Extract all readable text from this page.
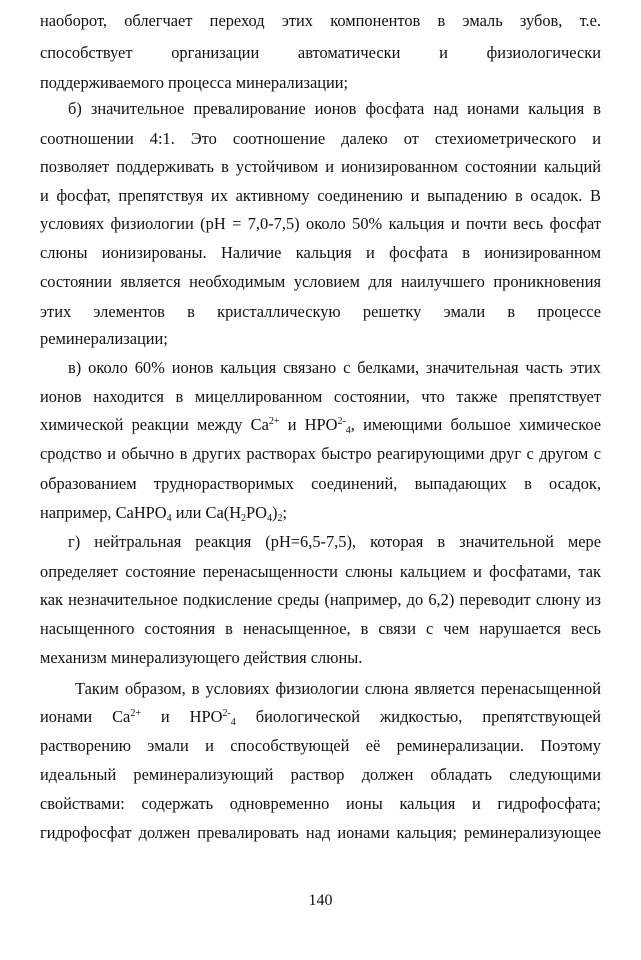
наоборот, облегчает переход этих компонентов в эмаль зубов, т.е.
способствует организации автоматически и физиологически
поддерживаемого процесса минерализации;
б) значительное превалирование ионов фосфата над ионами кальция в
соотношении 4:1. Это соотношение далеко от стехиометрического и
позволяет поддерживать в устойчивом и ионизированном состоянии кальций
и фосфат, препятствуя их активному соединению и выпадению в осадок. В
условиях физиологии (рН = 7,0-7,5) около 50% кальция и почти весь фосфат
слюны ионизированы. Наличие кальция и фосфата в ионизированном
состоянии является необходимым условием для наилучшего проникновения
этих элементов в кристаллическую решетку эмали в процессе
реминерализации;
в) около 60% ионов кальция связано с белками, значительная часть этих
ионов находится в мицеллированном состоянии, что также препятствует
химической реакции между $Ca^{2+}$ и $HPO^{2-}_4$, имеющими большое химическое
сродство и обычно в других растворах быстро реагирующими друг с другом с
образованием труднорастворимых соединений, выпадающих в осадок,
например, CaHPO$_4$ или $Ca(H_2PO_4)_2$;
г) нейтральная реакция (рН=6,5-7,5), которая в значительной мере
определяет состояние перенасыщенности слюны кальцием и фосфатами, так
как незначительное подкисление среды (например, до 6,2) переводит слюну из
насыщенного состояния в ненасыщенное, в связи с чем нарушается весь
механизм минерализующего действия слюны.
Таким образом, в условиях физиологии слюна является перенасыщенной
ионами $Ca^{2+}$ и $HPO^{2-}_4$ биологической жидкостью, препятствующей
растворению эмали и способствующей её реминерализации. Поэтому
идеальный реминерализующий раствор должен обладать следующими
свойствами: содержать одновременно ионы кальция и гидрофосфата;
гидрофосфат должен превалировать над ионами кальция; реминерализующее
140
